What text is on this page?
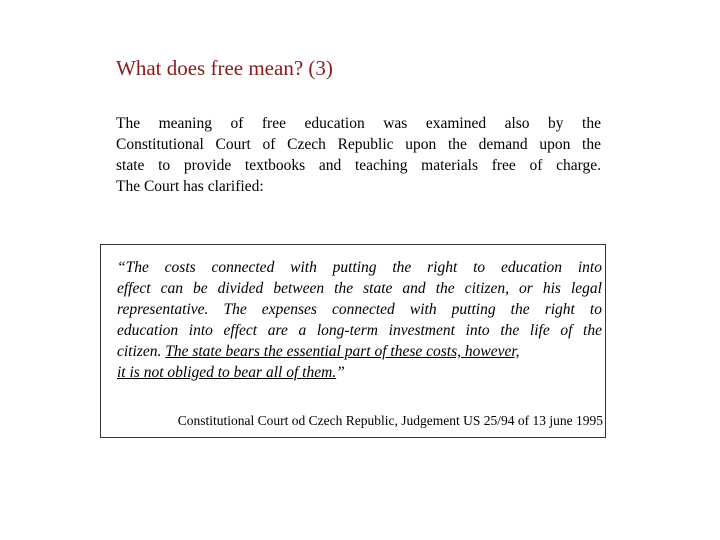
What does free mean? (3)
The meaning of free education was examined also by the
Constitutional Court of Czech Republic upon the demand upon the
state to provide textbooks and teaching materials free of charge.
The Court has clarified:
“The costs connected with putting the right to education into
effect can be divided between the state and the citizen, or his legal
representative. The expenses connected with putting the right to
education into effect are a long-term investment into the life of the
citizen. The state bears the essential part of these costs, however,
it is not obliged to bear all of them.”
Constitutional Court od Czech Republic, Judgement US 25/94 of 13 june 1995
